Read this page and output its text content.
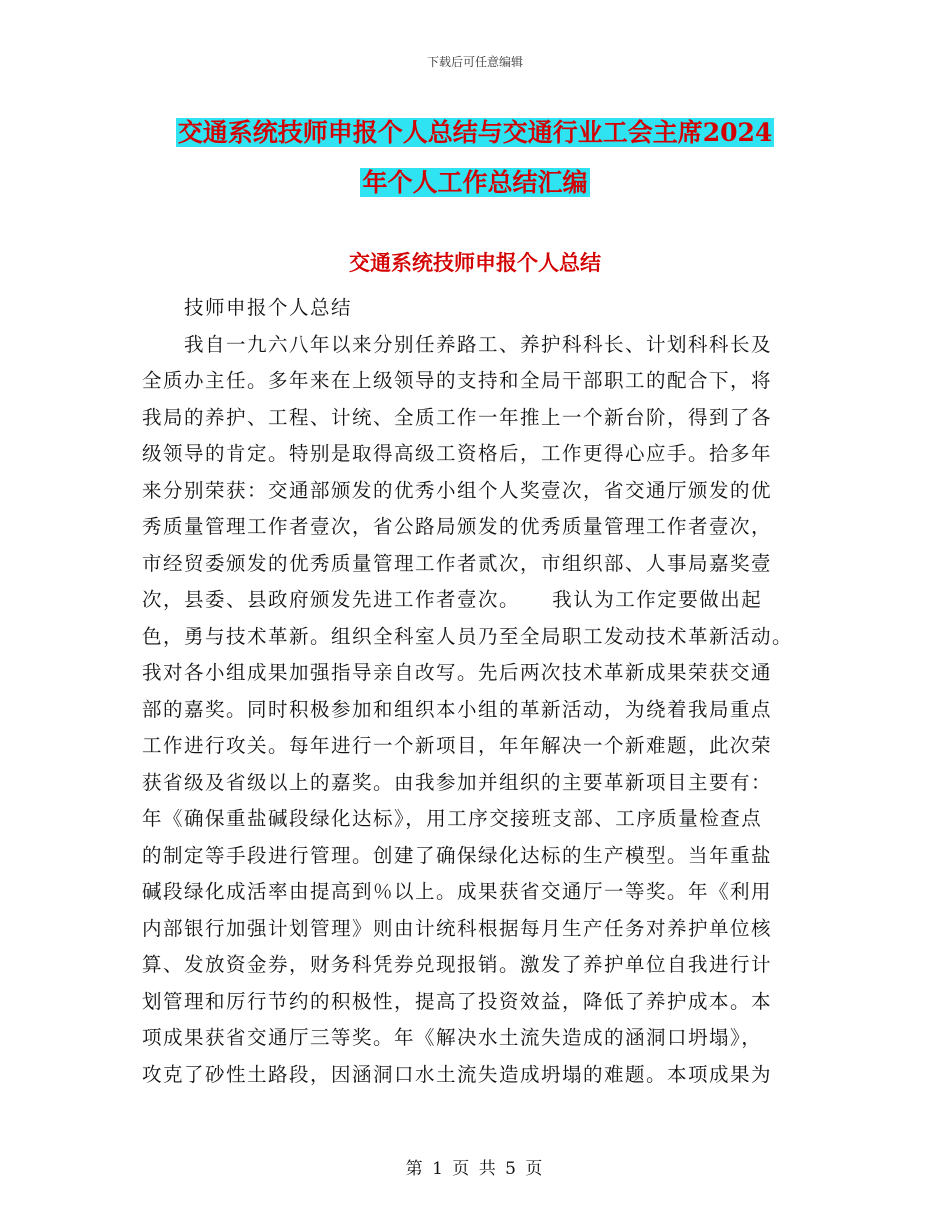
下载后可任意编辑
交通系统技师申报个人总结与交通行业工会主席2024
年个人工作总结汇编
交通系统技师申报个人总结

　　技师申报个人总结

　　我自一九六八年以来分别任养路工、养护科科长、计划科科长及

全质办主任。多年来在上级领导的支持和全局干部职工的配合下，将

我局的养护、工程、计统、全质工作一年推上一个新台阶，得到了各

级领导的肯定。特别是取得高级工资格后，工作更得心应手。拾多年

来分别荣获：交通部颁发的优秀小组个人奖壹次，省交通厅颁发的优

秀质量管理工作者壹次，省公路局颁发的优秀质量管理工作者壹次，

市经贸委颁发的优秀质量管理工作者贰次，市组织部、人事局嘉奖壹

次，县委、县政府颁发先进工作者壹次。　　我认为工作定要做出起

色，勇与技术革新。组织全科室人员乃至全局职工发动技术革新活动。

我对各小组成果加强指导亲自改写。先后两次技术革新成果荣获交通

部的嘉奖。同时积极参加和组织本小组的革新活动，为绕着我局重点

工作进行攻关。每年进行一个新项目，年年解决一个新难题，此次荣

获省级及省级以上的嘉奖。由我参加并组织的主要革新项目主要有：

年《确保重盐碱段绿化达标》，用工序交接班支部、工序质量检查点

的制定等手段进行管理。创建了确保绿化达标的生产模型。当年重盐

碱段绿化成活率由提高到％以上。成果获省交通厅一等奖。年《利用

内部银行加强计划管理》则由计统科根据每月生产任务对养护单位核

算、发放资金券，财务科凭券兑现报销。激发了养护单位自我进行计

划管理和厉行节约的积极性，提高了投资效益，降低了养护成本。本

项成果获省交通厅三等奖。年《解决水土流失造成的涵洞口坍塌》，

攻克了砂性土路段，因涵洞口水土流失造成坍塌的难题。本项成果为

第 1 页 共 5 页
